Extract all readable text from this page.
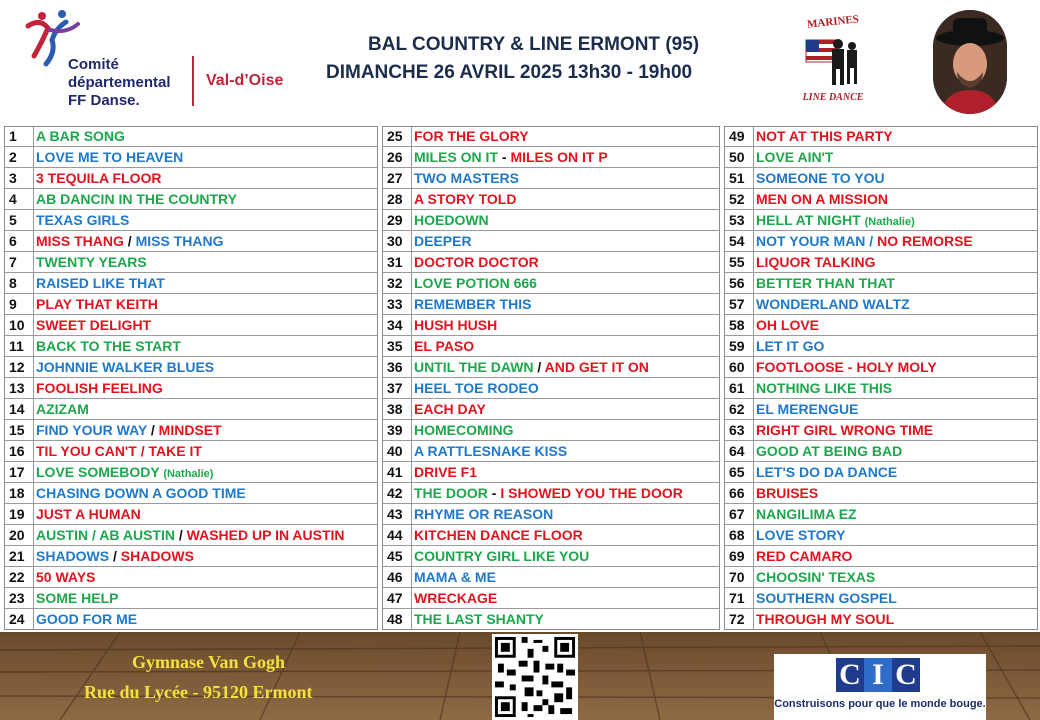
Comité
départemental
FF Danse.
Val-d’Oise
BAL COUNTRY & LINE ERMONT (95)
DIMANCHE 26 AVRIL 2025 13h30 - 19h00
MARINES
LINE DANCE
1	A BAR SONG
2	LOVE ME TO HEAVEN
3	3 TEQUILA FLOOR
4	AB DANCIN IN THE COUNTRY
5	TEXAS GIRLS
6	MISS THANG / MISS THANG
7	TWENTY YEARS
8	RAISED LIKE THAT
9	PLAY THAT KEITH
10 SWEET DELIGHT
11 BACK TO THE START
12 JOHNNIE WALKER BLUES
13 FOOLISH FEELING
14 AZIZAM
15 FIND YOUR WAY / MINDSET
16 TIL YOU CAN'T / TAKE IT
17 LOVE SOMEBODY (Nathalie)
18 CHASING DOWN A GOOD TIME
19 JUST A HUMAN
20 AUSTIN / AB AUSTIN / WASHED UP IN AUSTIN
21 SHADOWS / SHADOWS
22 50 WAYS
23 SOME HELP
24 GOOD FOR ME
25 FOR THE GLORY
26 MILES ON IT - MILES ON IT P
27 TWO MASTERS
28 A STORY TOLD
29 HOEDOWN
30 DEEPER
31 DOCTOR DOCTOR
32 LOVE POTION 666
33 REMEMBER THIS
34 HUSH HUSH
35 EL PASO
36 UNTIL THE DAWN / AND GET IT ON
37 HEEL TOE RODEO
38 EACH DAY
39 HOMECOMING
40 A RATTLESNAKE KISS
41 DRIVE F1
42 THE DOOR - I SHOWED YOU THE DOOR
43 RHYME OR REASON
44 KITCHEN DANCE FLOOR
45 COUNTRY GIRL LIKE YOU
46 MAMA & ME
47 WRECKAGE
48 THE LAST SHANTY
49 NOT AT THIS PARTY
50 LOVE AIN'T
51 SOMEONE TO YOU
52 MEN ON A MISSION
53 HELL AT NIGHT (Nathalie)
54 NOT YOUR MAN / NO REMORSE
55 LIQUOR TALKING
56 BETTER THAN THAT
57 WONDERLAND WALTZ
58 OH LOVE
59 LET IT GO
60 FOOTLOOSE - HOLY MOLY
61 NOTHING LIKE THIS
62 EL MERENGUE
63 RIGHT GIRL WRONG TIME
64 GOOD AT BEING BAD
65 LET'S DO DA DANCE
66 BRUISES
67 NANGILIMA EZ
68 LOVE STORY
69 RED CAMARO
70 CHOOSIN' TEXAS
71 SOUTHERN GOSPEL
72 THROUGH MY SOUL
Gymnase Van Gogh
Rue du Lycée - 95120 Ermont
C I C
Construisons pour que le monde bouge.
